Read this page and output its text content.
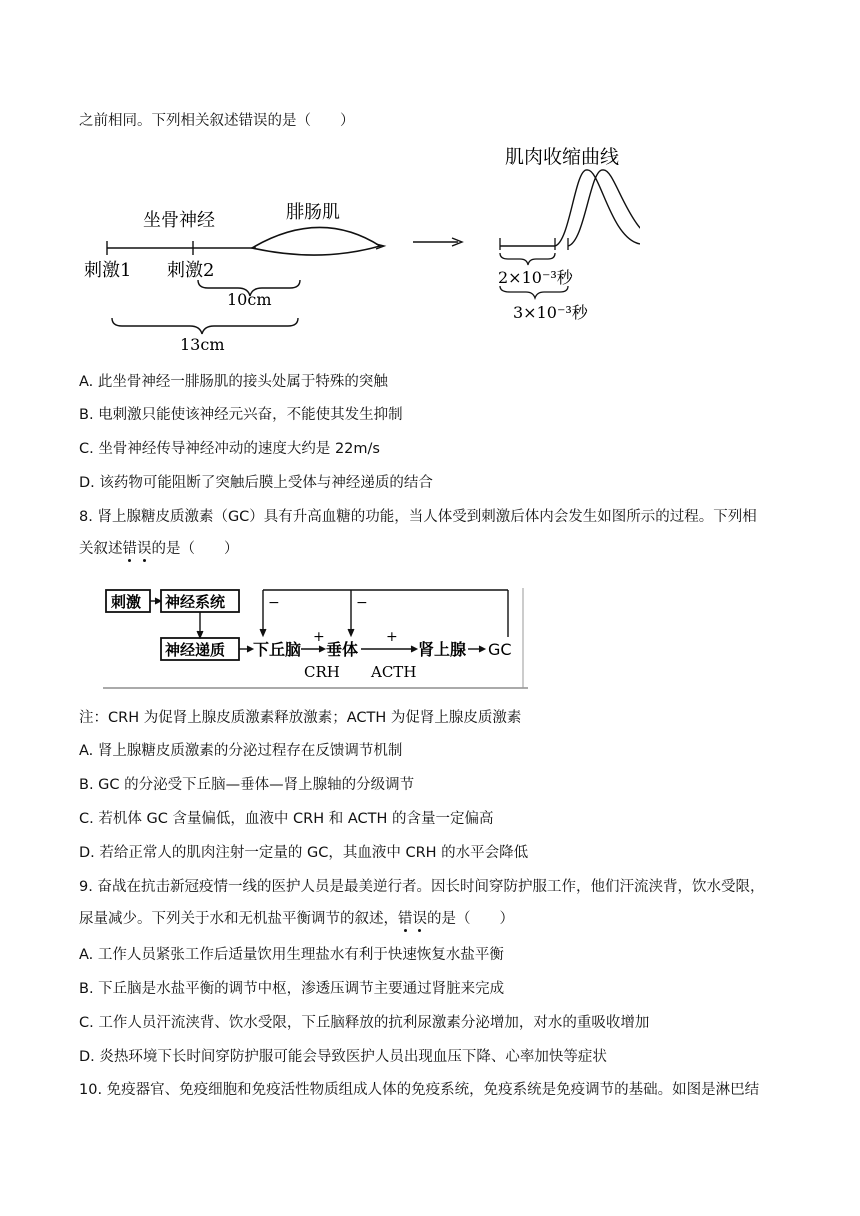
之前相同。下列相关叙述错误的是（　　）
肌肉收缩曲线
坐骨神经	腓肠肌
刺激1 刺激2
10cm
13cm
2×10⁻³秒
3×10⁻³秒
A. 此坐骨神经一腓肠肌的接头处属于特殊的突触
B. 电刺激只能使该神经元兴奋，不能使其发生抑制
C. 坐骨神经传导神经冲动的速度大约是 22m/s
D. 该药物可能阻断了突触后膜上受体与神经递质的结合
8. 肾上腺糖皮质激素（GC）具有升高血糖的功能，当人体受到刺激后体内会发生如图所示的过程。下列相
关叙述错误的是（　　）
刺激 神经系统
神经递质 下丘脑
+
CRH
垂体
+
ACTH
肾上腺 GC
−	−
注：CRH 为促肾上腺皮质激素释放激素；ACTH 为促肾上腺皮质激素
A. 肾上腺糖皮质激素的分泌过程存在反馈调节机制
B. GC 的分泌受下丘脑—垂体—肾上腺轴的分级调节
C. 若机体 GC 含量偏低，血液中 CRH 和 ACTH 的含量一定偏高
D. 若给正常人的肌肉注射一定量的 GC，其血液中 CRH 的水平会降低
9. 奋战在抗击新冠疫情一线的医护人员是最美逆行者。因长时间穿防护服工作，他们汗流浃背，饮水受限，
尿量减少。下列关于水和无机盐平衡调节的叙述，错误的是（　　）
A. 工作人员紧张工作后适量饮用生理盐水有利于快速恢复水盐平衡
B. 下丘脑是水盐平衡的调节中枢，渗透压调节主要通过肾脏来完成
C. 工作人员汗流浃背、饮水受限，下丘脑释放的抗利尿激素分泌增加，对水的重吸收增加
D. 炎热环境下长时间穿防护服可能会导致医护人员出现血压下降、心率加快等症状
10. 免疫器官、免疫细胞和免疫活性物质组成人体的免疫系统，免疫系统是免疫调节的基础。如图是淋巴结
